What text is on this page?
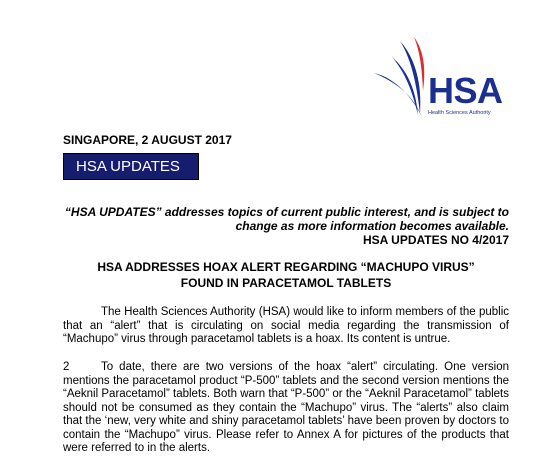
HSA
Health Sciences Authority
SINGAPORE, 2 AUGUST 2017
HSA UPDATES
“HSA UPDATES” addresses topics of current public interest, and is subject to
change as more information becomes available.
HSA UPDATES NO 4/2017
HSA ADDRESSES HOAX ALERT REGARDING “MACHUPO VIRUS”
FOUND IN PARACETAMOL TABLETS
The Health Sciences Authority (HSA) would like to inform members of the public that an “alert” that is circulating on social media regarding the transmission of “Machupo” virus through paracetamol tablets is a hoax. Its content is untrue.
2	To date, there are two versions of the hoax “alert” circulating. One version mentions the paracetamol product “P-500” tablets and the second version mentions the “Aeknil Paracetamol” tablets. Both warn that “P-500” or the “Aeknil Paracetamol” tablets should not be consumed as they contain the “Machupo” virus. The “alerts” also claim that the ‘new, very white and shiny paracetamol tablets’ have been proven by doctors to contain the “Machupo” virus. Please refer to Annex A for pictures of the products that were referred to in the alerts.
